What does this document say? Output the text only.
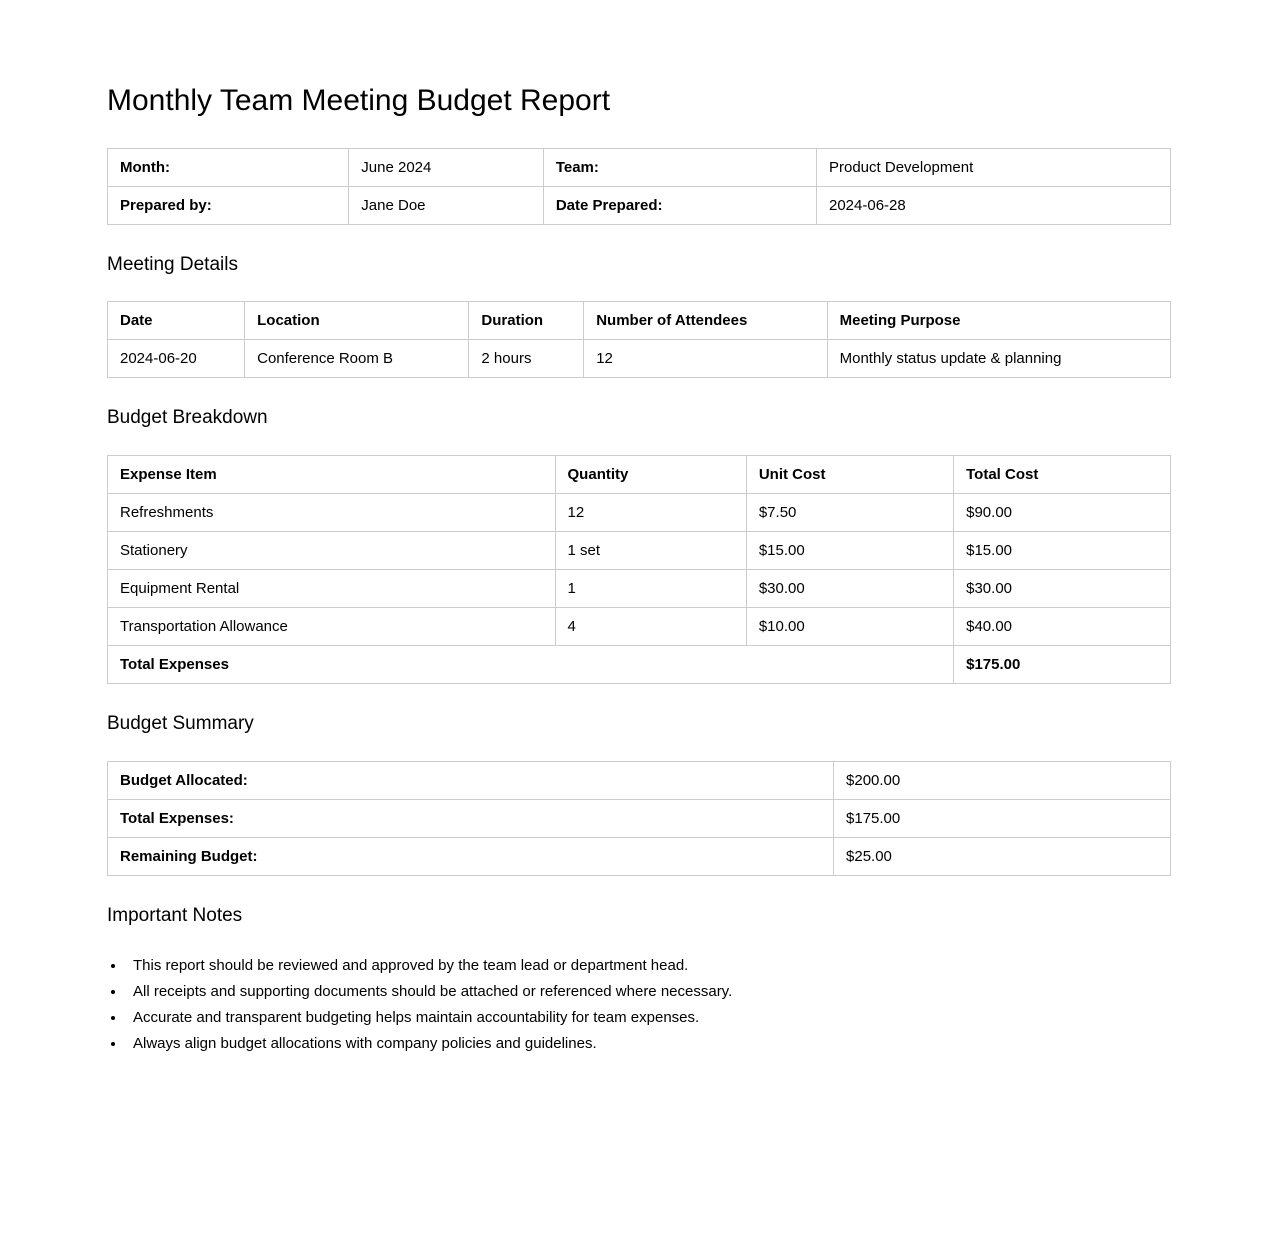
Monthly Team Meeting Budget Report
Month:	June 2024	Team:	Product Development
Prepared by:	Jane Doe	Date Prepared:	2024-06-28
Meeting Details
Date	Location	Duration	Number of Attendees	Meeting Purpose
2024-06-20	Conference Room B	2 hours	12	Monthly status update & planning
Budget Breakdown
Expense Item	Quantity	Unit Cost	Total Cost
Refreshments	12	$7.50	$90.00
Stationery	1 set	$15.00	$15.00
Equipment Rental	1	$30.00	$30.00
Transportation Allowance	4	$10.00	$40.00
Total Expenses			$175.00
Budget Summary
Budget Allocated:	$200.00
Total Expenses:	$175.00
Remaining Budget:	$25.00
Important Notes
• This report should be reviewed and approved by the team lead or department head.
• All receipts and supporting documents should be attached or referenced where necessary.
• Accurate and transparent budgeting helps maintain accountability for team expenses.
• Always align budget allocations with company policies and guidelines.
